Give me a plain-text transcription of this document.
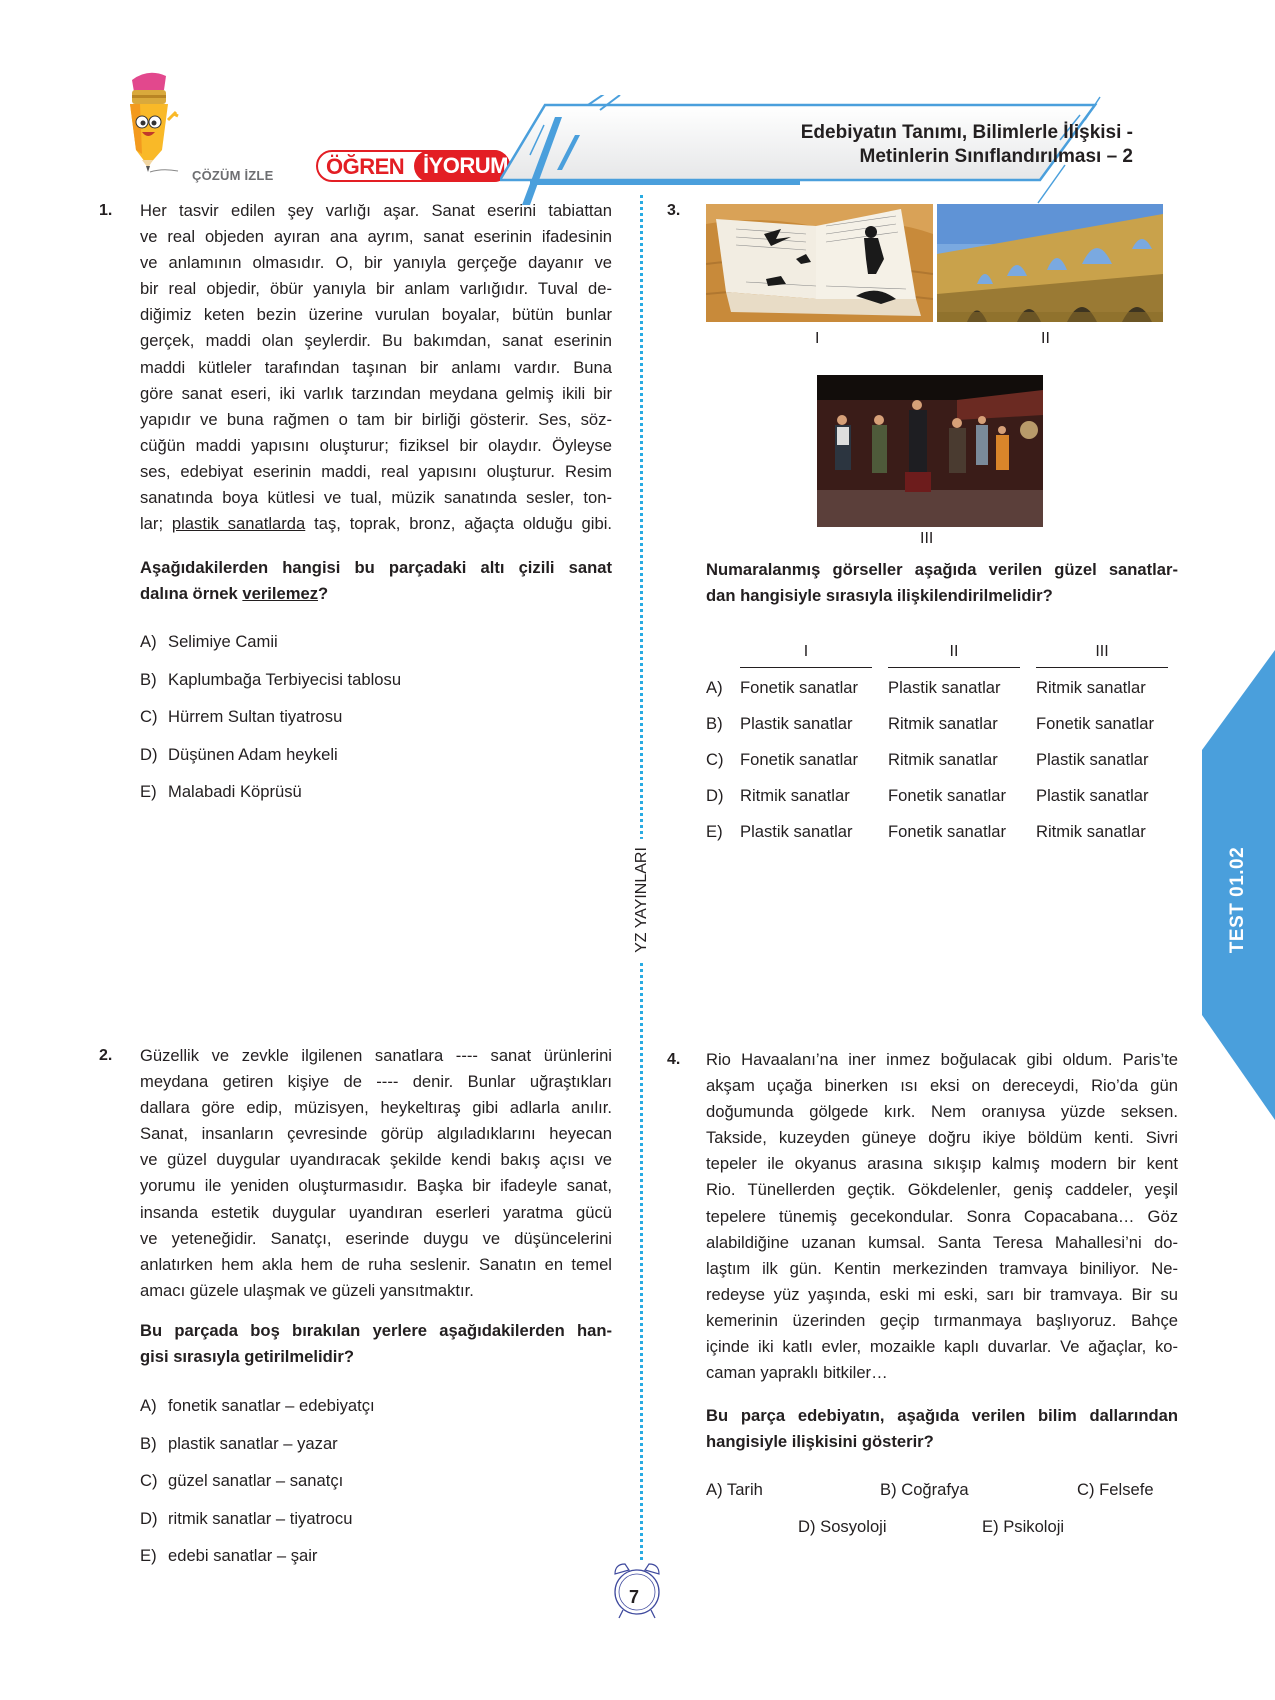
ÇÖZÜM İZLE ÖĞREN İYORUM
Edebiyatın Tanımı, Bilimlerle İlişkisi -
Metinlerin Sınıflandırılması – 2
YZ YAYINLARI	TEST 01.02
1. Her tasvir edilen şey varlığı aşar. Sanat eserini tabiattan
ve real objeden ayıran ana ayrım, sanat eserinin ifadesinin
ve anlamının olmasıdır. O, bir yanıyla gerçeğe dayanır ve
bir real objedir, öbür yanıyla bir anlam varlığıdır. Tuval de-
diğimiz keten bezin üzerine vurulan boyalar, bütün bunlar
gerçek, maddi olan şeylerdir. Bu bakımdan, sanat eserinin
maddi kütleler tarafından taşınan bir anlamı vardır. Buna
göre sanat eseri, iki varlık tarzından meydana gelmiş ikili bir
yapıdır ve buna rağmen o tam bir birliği gösterir. Ses, söz-
cüğün maddi yapısını oluşturur; fiziksel bir olaydır. Öyleyse
ses, edebiyat eserinin maddi, real yapısını oluşturur. Resim
sanatında boya kütlesi ve tual, müzik sanatında sesler, ton-
lar; plastik sanatlarda taş, toprak, bronz, ağaçta olduğu gibi.
Aşağıdakilerden hangisi bu parçadaki altı çizili sanat
dalına örnek verilemez?
A) Selimiye Camii
B) Kaplumbağa Terbiyecisi tablosu
C) Hürrem Sultan tiyatrosu
D) Düşünen Adam heykeli
E) Malabadi Köprüsü
2. Güzellik ve zevkle ilgilenen sanatlara ---- sanat ürünlerini
meydana getiren kişiye de ---- denir. Bunlar uğraştıkları
dallara göre edip, müzisyen, heykeltıraş gibi adlarla anılır.
Sanat, insanların çevresinde görüp algıladıklarını heyecan
ve güzel duygular uyandıracak şekilde kendi bakış açısı ve
yorumu ile yeniden oluşturmasıdır. Başka bir ifadeyle sanat,
insanda estetik duygular uyandıran eserleri yaratma gücü
ve yeteneğidir. Sanatçı, eserinde duygu ve düşüncelerini
anlatırken hem akla hem de ruha seslenir. Sanatın en temel
amacı güzele ulaşmak ve güzeli yansıtmaktır.
Bu parçada boş bırakılan yerlere aşağıdakilerden han-
gisi sırasıyla getirilmelidir?
A) fonetik sanatlar – edebiyatçı
B) plastik sanatlar – yazar
C) güzel sanatlar – sanatçı
D) ritmik sanatlar – tiyatrocu
E) edebi sanatlar – şair
3.
I	II
III
Numaralanmış görseller aşağıda verilen güzel sanatlar-
dan hangisiyle sırasıyla ilişkilendirilmelidir?
I	II	III
A) Fonetik sanatlar Plastik sanatlar Ritmik sanatlar
B) Plastik sanatlar Ritmik sanatlar Fonetik sanatlar
C) Fonetik sanatlar Ritmik sanatlar Plastik sanatlar
D) Ritmik sanatlar Fonetik sanatlar Plastik sanatlar
E) Plastik sanatlar Fonetik sanatlar Ritmik sanatlar
4. Rio Havaalanı’na iner inmez boğulacak gibi oldum. Paris’te
akşam uçağa binerken ısı eksi on dereceydi, Rio’da gün
doğumunda gölgede kırk. Nem oranıysa yüzde seksen.
Takside, kuzeyden güneye doğru ikiye böldüm kenti. Sivri
tepeler ile okyanus arasına sıkışıp kalmış modern bir kent
Rio. Tünellerden geçtik. Gökdelenler, geniş caddeler, yeşil
tepelere tünemiş gecekondular. Sonra Copacabana… Göz
alabildiğine uzanan kumsal. Santa Teresa Mahallesi’ni do-
laştım ilk gün. Kentin merkezinden tramvaya biniliyor. Ne-
redeyse yüz yaşında, eski mi eski, sarı bir tramvaya. Bir su
kemerinin üzerinden geçip tırmanmaya başlıyoruz. Bahçe
içinde iki katlı evler, mozaikle kaplı duvarlar. Ve ağaçlar, ko-
caman yapraklı bitkiler…
Bu parça edebiyatın, aşağıda verilen bilim dallarından
hangisiyle ilişkisini gösterir?
A) Tarih	B) Coğrafya	C) Felsefe
D) Sosyoloji	E) Psikoloji
7
